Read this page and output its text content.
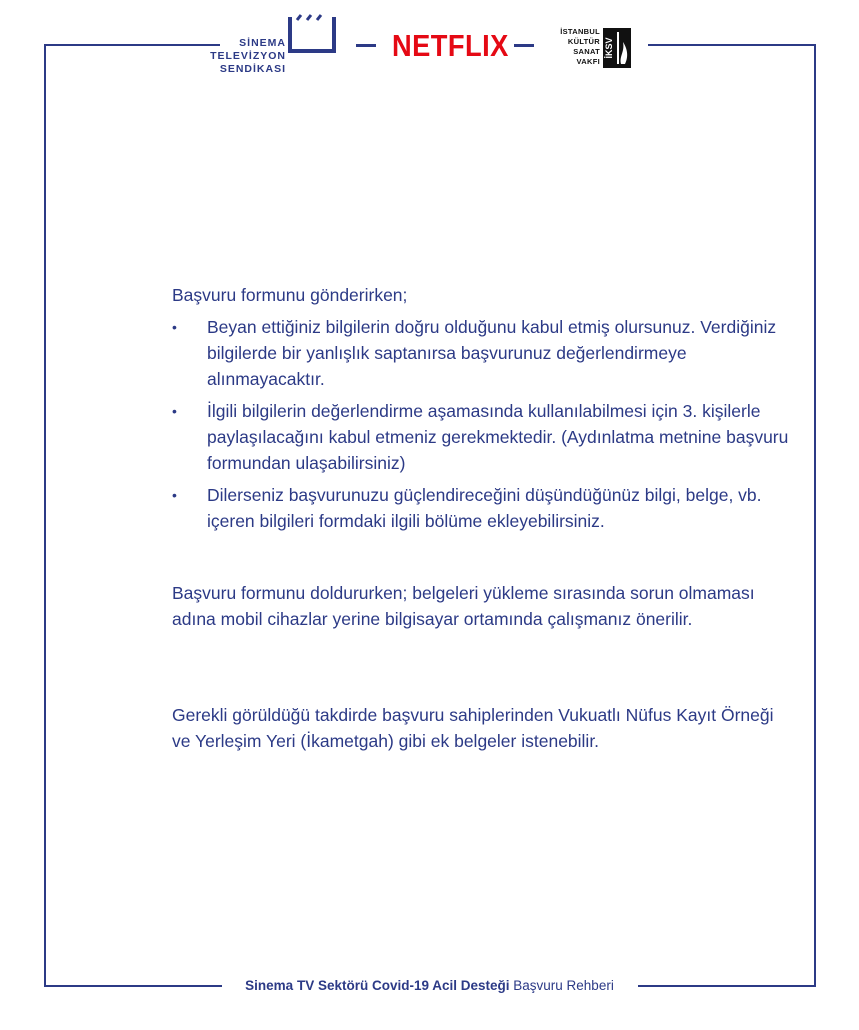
SİNEMA
TELEVİZYON
SENDİKASI
NETFLIX	İSTANBUL
KÜLTÜR
SANAT
VAKFI
İKSV
Başvuru formunu gönderirken;
• Beyan ettiğiniz bilgilerin doğru olduğunu kabul etmiş olursunuz. Verdiğiniz bilgilerde bir yanlışlık saptanırsa başvurunuz değerlendirmeye alınmayacaktır.
• İlgili bilgilerin değerlendirme aşamasında kullanılabilmesi için 3. kişilerle paylaşılacağını kabul etmeniz gerekmektedir. (Aydınlatma metnine başvuru formundan ulaşabilirsiniz)
• Dilerseniz başvurunuzu güçlendireceğini düşündüğünüz bilgi, belge, vb. içeren bilgileri formdaki ilgili bölüme ekleyebilirsiniz.
Başvuru formunu doldururken; belgeleri yükleme sırasında sorun olmaması adına mobil cihazlar yerine bilgisayar ortamında çalışmanız önerilir.
Gerekli görüldüğü takdirde başvuru sahiplerinden Vukuatlı Nüfus Kayıt Örneği ve Yerleşim Yeri (İkametgah) gibi ek belgeler istenebilir.
Sinema TV Sektörü Covid-19 Acil Desteği Başvuru Rehberi
